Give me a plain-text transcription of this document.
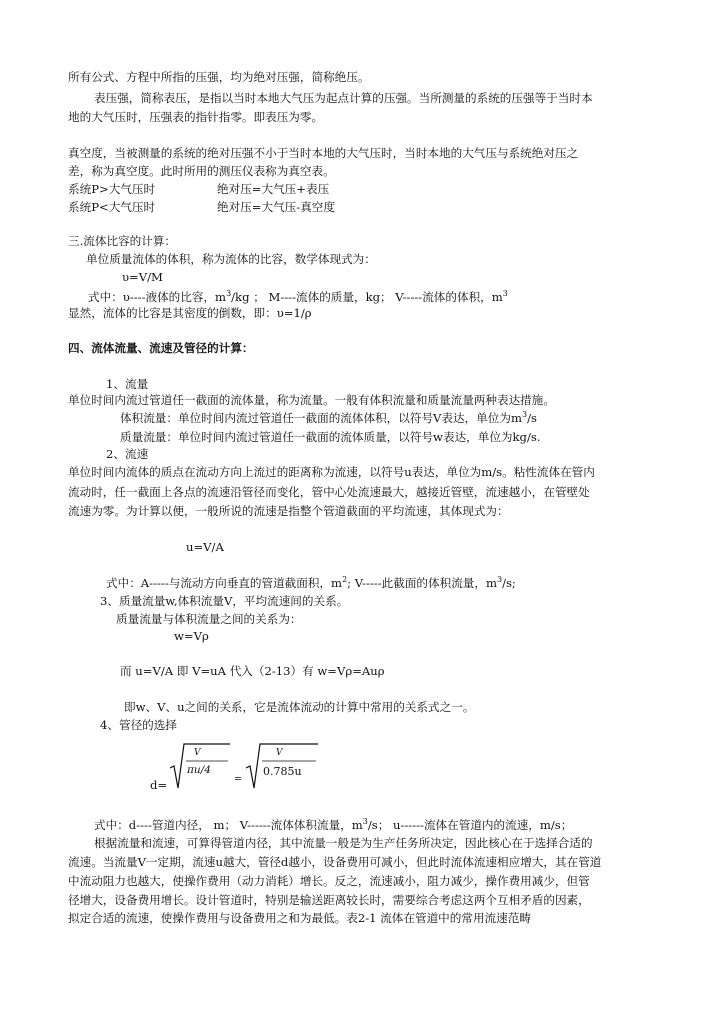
所有公式、方程中所指的压强，均为绝对压强，简称绝压。
表压强，简称表压，是指以当时本地大气压为起点计算的压强。当所测量的系统的压强等于当时本
地的大气压时，压强表的指针指零。即表压为零。
真空度，当被测量的系统的绝对压强不小于当时本地的大气压时，当时本地的大气压与系统绝对压之
差，称为真空度。此时所用的测压仪表称为真空表。
系统P>大气压时	绝对压=大气压+表压
系统P<大气压时	绝对压=大气压-真空度
三.流体比容的计算：
单位质量流体的体积，称为流体的比容，数学体现式为：
υ=V/M
式中：υ----液体的比容，$m^3/kg$ ； M----流体的质量，kg； V-----流体的体积，$m^3$
显然，流体的比容是其密度的倒数，即：υ=1/ρ
四、流体流量、流速及管径的计算：
1、流量
单位时间内流过管道任一截面的流体量，称为流量。一般有体积流量和质量流量两种表达措施。
体积流量：单位时间内流过管道任一截面的流体体积，以符号V表达，单位为$m^3/s$
质量流量：单位时间内流过管道任一截面的流体质量，以符号w表达，单位为kg/s.
2、流速
单位时间内流体的质点在流动方向上流过的距离称为流速，以符号u表达，单位为m/s。粘性流体在管内
流动时，任一截面上各点的流速沿管径而变化，管中心处流速最大，越接近管壁，流速越小，在管壁处
流速为零。为计算以便，一般所说的流速是指整个管道截面的平均流速，其体现式为：
u=V/A
式中：A-----与流动方向垂直的管道截面积，$m^2$; V-----此截面的体积流量，$m^3/s$;
3、质量流量w,体积流量V，平均流速间的关系。
质量流量与体积流量之间的关系为：
w=Vρ
而 u=V/A 即 V=uA 代入（2-13）有 w=Vρ=Auρ
即w、V、u之间的关系，它是流体流动的计算中常用的关系式之一。
4、管径的选择
V
πu/4
=
V
0.785u
d=
式中：d----管道内径， m； V------流体体积流量，$m^3/s$； u------流体在管道内的流速，m/s；
根据流量和流速，可算得管道内径，其中流量一般是为生产任务所决定，因此核心在于选择合适的
流速。当流量V一定期，流速u越大，管径d越小，设备费用可减小，但此时流体流速相应增大，其在管道
中流动阻力也越大，使操作费用（动力消耗）增长。反之，流速减小，阻力减少，操作费用减少，但管
径增大，设备费用增长。设计管道时，特别是输送距离较长时，需要综合考虑这两个互相矛盾的因素，
拟定合适的流速，使操作费用与设备费用之和为最低。表2-1 流体在管道中的常用流速范畴
